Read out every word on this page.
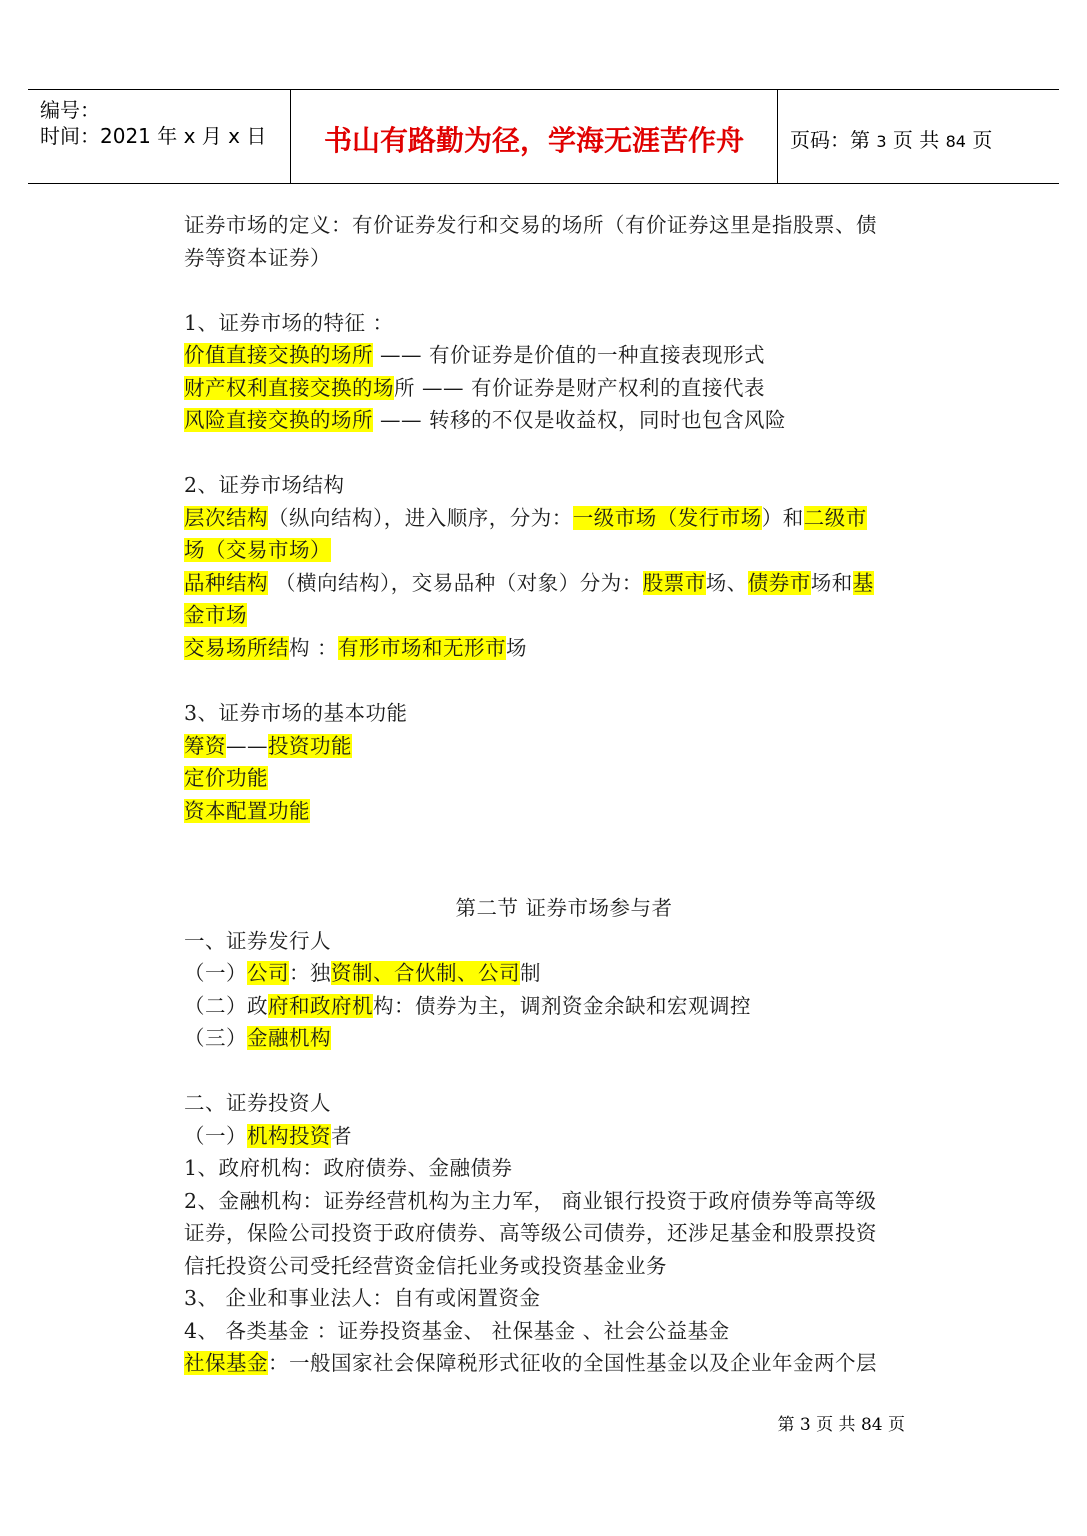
编号：
时间：2021 年 x 月 x 日	书山有路勤为径，学海无涯苦作舟	页码：第 3 页 共 84 页
证券市场的定义：有价证券发行和交易的场所（有价证券这里是指股票、债
券等资本证券）
1、证券市场的特征 ：
价值直接交换的场所 —— 有价证券是价值的一种直接表现形式
财产权利直接交换的场所 —— 有价证券是财产权利的直接代表
风险直接交换的场所 —— 转移的不仅是收益权，同时也包含风险
2、证券市场结构
层次结构（纵向结构），进入顺序，分为：一级市场（发行市场）和二级市
场（交易市场）
品种结构 （横向结构），交易品种（对象）分为：股票市场、债券市场和基
金市场
交易场所结构 ：有形市场和无形市场
3、证券市场的基本功能
筹资——投资功能
定价功能
资本配置功能
第二节 证券市场参与者
一、证券发行人
（一）公司：独资制、合伙制、公司制
（二）政府和政府机构：债券为主，调剂资金余缺和宏观调控
（三）金融机构
二、证券投资人
（一）机构投资者
1、政府机构：政府债券、金融债券
2、金融机构：证券经营机构为主力军， 商业银行投资于政府债券等高等级
证券，保险公司投资于政府债券、高等级公司债券，还涉足基金和股票投资
信托投资公司受托经营资金信托业务或投资基金业务
3、 企业和事业法人：自有或闲置资金
4、 各类基金 ：证券投资基金、 社保基金 、社会公益基金
社保基金：一般国家社会保障税形式征收的全国性基金以及企业年金两个层
第 3 页 共 84 页
